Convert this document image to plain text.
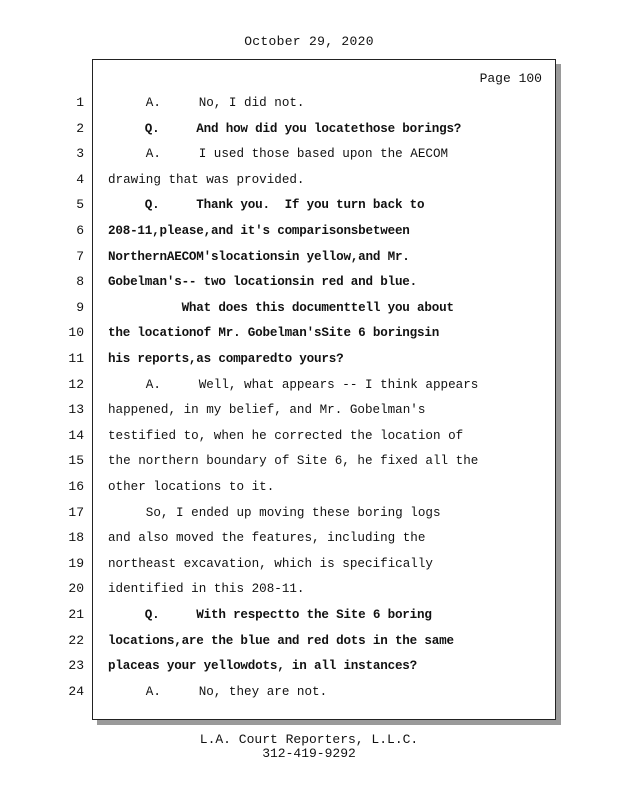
October 29, 2020
Page 100
1 A.     No, I did not.
2 Q.     And how did you locatethose borings?
3 A.     I used those based upon the AECOM
4 drawing that was provided.
5 Q.     Thank you.  If you turn back to
6 208-11,please,and it's comparisonsbetween
7 NorthernAECOM'slocationsin yellow,and Mr.
8 Gobelman's-- two locationsin red and blue.
9 What does this documenttell you about
10 the locationof Mr. Gobelman'sSite 6 boringsin
11 his reports,as comparedto yours?
12 A.     Well, what appears -- I think appears
13 happened, in my belief, and Mr. Gobelman's
14 testified to, when he corrected the location of
15 the northern boundary of Site 6, he fixed all the
16 other locations to it.
17 So, I ended up moving these boring logs
18 and also moved the features, including the
19 northeast excavation, which is specifically
20 identified in this 208-11.
21 Q.     With respectto the Site 6 boring
22 locations,are the blue and red dots in the same
23 placeas your yellowdots, in all instances?
24 A.     No, they are not.
L.A. Court Reporters, L.L.C.
312-419-9292
